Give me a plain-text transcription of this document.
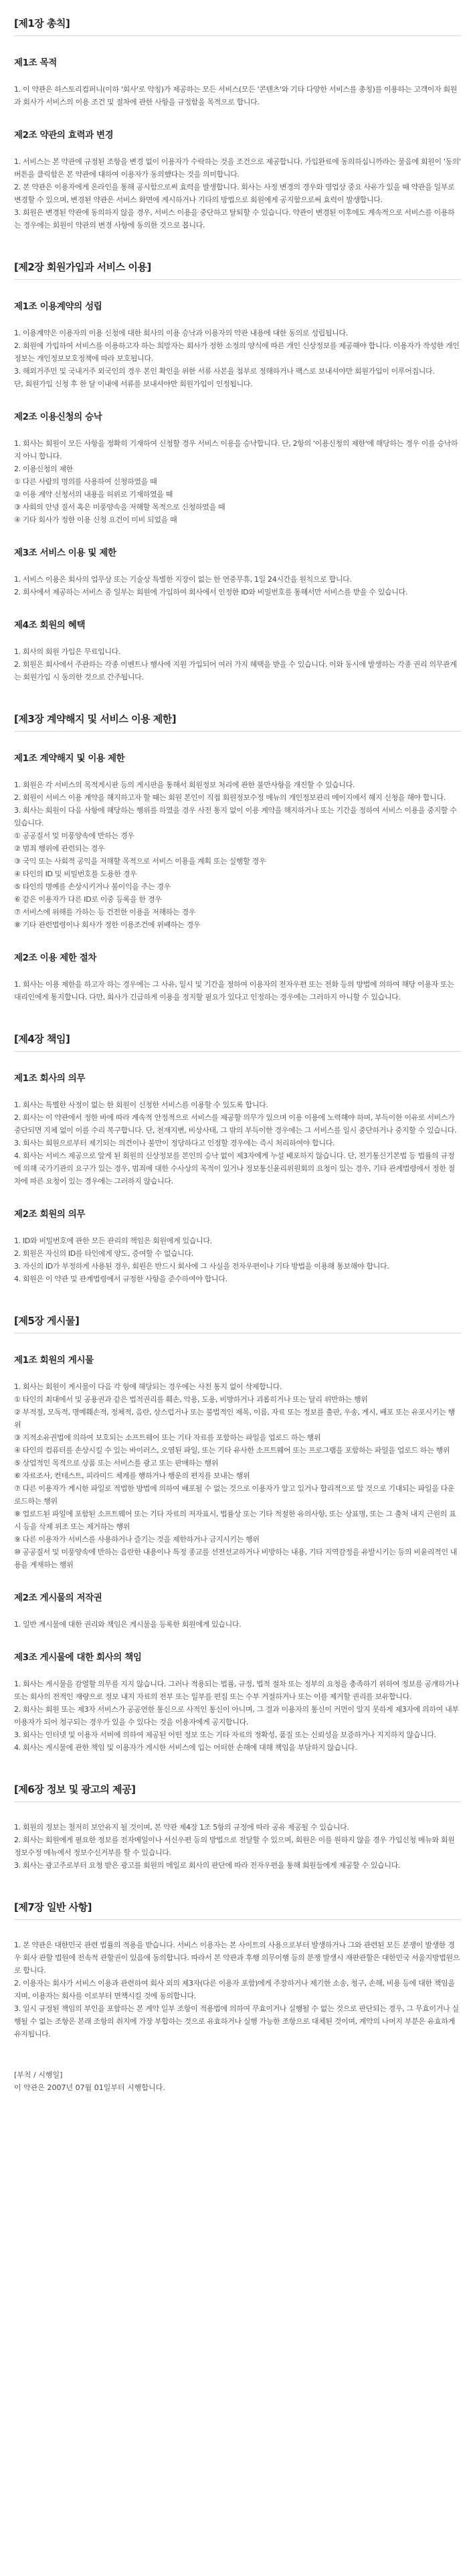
[제1장 총칙]
제1조 목적

1. 이 약관은 하스토리컴퍼니(이하 '회사'로 약칭)가 제공하는 모든 서비스(모든 '콘텐츠'와 기타 다양한 서비스를 총칭)를 이용하는 고객이자 회원과 회사가 서비스의 이용 조건 및 절차에 관한 사항을 규정함을 목적으로 합니다.

제2조 약관의 효력과 변경

1. 서비스는 본 약관에 규정된 조항을 변경 없이 이용자가 수락하는 것을 조건으로 제공합니다. 가입완료에 동의하십니까라는 물음에 회원이 '동의' 버튼을 클릭함은 본 약관에 대하여 이용자가 동의했다는 것을 의미합니다.

2. 본 약관은 이용자에게 온라인을 통해 공시함으로써 효력을 발생합니다. 회사는 사정 변경의 경우와 영업상 중요 사유가 있을 때 약관을 일부로 변경할 수 있으며, 변경된 약관은 서비스 화면에 게시하거나 기타의 방법으로 회원에게 공지함으로써 효력이 발생합니다.

3. 회원은 변경된 약관에 동의하지 않을 경우, 서비스 이용을 중단하고 탈퇴할 수 있습니다. 약관이 변경된 이후에도 계속적으로 서비스를 이용하는 경우에는 회원이 약관의 변경 사항에 동의한 것으로 봅니다.

[제2장 회원가입과 서비스 이용]
제1조 이용계약의 성립

1. 이용계약은 이용자의 이용 신청에 대한 회사의 이용 승낙과 이용자의 약관 내용에 대한 동의로 성립됩니다.

2. 회원에 가입하여 서비스를 이용하고자 하는 희망자는 회사가 정한 소정의 양식에 따른 개인 신상정보를 제공해야 합니다. 이용자가 작성한 개인정보는 개인정보보호정책에 따라 보호됩니다.

3. 해외거주민 및 국내거주 외국인의 경우 본인 확인을 위한 서류 사본을 첨부로 정해하거나 팩스로 보내셔야만 회원가입이 이루어집니다.

단, 회원가입 신청 후 한 달 이내에 서류를 보내셔야만 회원가입이 인정됩니다.

제2조 이용신청의 승낙

1. 회사는 회원이 모든 사항을 정확히 기재하여 신청할 경우 서비스 이용을 승낙합니다. 단, 2항의 '이용신청의 제한'에 해당하는 경우 이를 승낙하지 아니 합니다.

2. 이용신청의 제한

① 다른 사람의 명의를 사용하여 신청하였을 때

② 이용 계약 신청서의 내용을 허위로 기재하였을 때

③ 사회의 안녕 질서 혹은 미풍양속을 저해할 목적으로 신청하였을 때

④ 기타 회사가 정한 이용 신청 요건이 미비 되었을 때

제3조 서비스 이용 및 제한

1. 서비스 이용은 회사의 업무상 또는 기술상 특별한 지장이 없는 한 연중무휴, 1일 24시간을 원칙으로 합니다.

2. 회사에서 제공하는 서비스 중 일부는 회원에 가입하여 회사에서 인정한 ID와 비밀번호를 통해서만 서비스를 받을 수 있습니다.

제4조 회원의 혜택

1. 회사의 회원 가입은 무료입니다.

2. 회원은 회사에서 주관하는 각종 이벤트나 행사에 지원 가입되어 여러 가지 혜택을 받을 수 있습니다. 이와 동시에 발생하는 각종 권리 의무관계는 회원가입 시 동의한 것으로 간주됩니다.

[제3장 계약해지 및 서비스 이용 제한]
제1조 계약해지 및 이용 제한

1. 회원은 각 서비스의 목적게시판 등의 게시판을 통해서 회원정보 처리에 관한 불만사항을 개진할 수 있습니다.

2. 회원이 서비스 이용 계약을 해지하고자 할 때는 회원 본인이 직접 회원정보수정 메뉴의 개인정보관리 메이지에서 해지 신청을 해야 합니다.

3. 회사는 회원이 다음 사항에 해당하는 행위를 하였을 경우 사전 통지 없이 이용 계약을 해지하거나 또는 기간을 정하여 서비스 이용을 중지할 수 있습니다.

① 공공질서 및 미풍양속에 반하는 경우

② 범죄 행위에 관련되는 경우

③ 국익 또는 사회적 공익을 저해할 목적으로 서비스 이용을 계획 또는 실행할 경우

④ 타인의 ID 및 비밀번호를 도용한 경우

⑤ 타인의 명예를 손상시키거나 불이익을 주는 경우

⑥ 같은 이용자가 다른 ID로 이중 등록을 한 경우

⑦ 서비스에 위해를 가하는 등 건전한 이용을 저해하는 경우

⑧ 기타 관련법령이나 회사가 정한 이용조건에 위배하는 경우

제2조 이용 제한 절차

1. 회사는 이용 제한을 하고자 하는 경우에는 그 사유, 일시 및 기간을 정하여 이용자의 전자우편 또는 전화 등의 방법에 의하여 해당 이용자 또는 대리인에게 통지합니다. 다만, 회사가 긴급하게 이용을 정지할 필요가 있다고 인정하는 경우에는 그러하지 아니할 수 있습니다.

[제4장 책임]
제1조 회사의 의무

1. 회사는 특별한 사정이 없는 한 회원이 신청한 서비스를 이용할 수 있도록 합니다.

2. 회사는 이 약관에서 정한 바에 따라 계속적 안정적으로 서비스를 제공할 의무가 있으며 이용 이용에 노력해야 하며, 부득이한 이유로 서비스가 중단되면 지체 없이 이를 수리 복구합니다. 단, 천재지변, 비상사태, 그 밖의 부득이한 경우에는 그 서비스를 일시 중단하거나 중지할 수 있습니다.

3. 회사는 회원으로부터 제기되는 의견이나 불만이 정당하다고 인정할 경우에는 즉시 처리하여야 합니다.

4. 회사는 서비스 제공으로 알게 된 회원의 신상정보를 본인의 승낙 없이 제3자에게 누설 배포하지 않습니다. 단, 전기통신기본법 등 법률의 규정에 의해 국가기관의 요구가 있는 경우, 범죄에 대한 수사상의 목적이 있거나 정보통신윤리위원회의 요청이 있는 경우, 기타 관계법령에서 정한 절차에 따른 요청이 있는 경우에는 그러하지 않습니다.

제2조 회원의 의무

1. ID와 비밀번호에 관한 모든 관리의 책임은 회원에게 있습니다.

2. 회원은 자신의 ID를 타인에게 양도, 증여할 수 없습니다.

3. 자신의 ID가 부정하게 사용된 경우, 회원은 반드시 회사에 그 사실을 전자우편이나 기타 방법을 이용해 통보해야 합니다.

4. 회원은 이 약관 및 관계법령에서 규정한 사항을 준수하여야 합니다.

[제5장 게시물]
제1조 회원의 게시물

1. 회사는 회원이 게시물이 다음 각 항에 해당되는 경우에는 사전 통지 없이 삭제합니다.

① 타인의 최대에서 및 공용권과 같은 법적권리를 훼손, 악용, 도용, 비방하거나 괴롭히거나 또는 달리 위반하는 행위

② 부적절, 모독적, 명예훼손적, 정체적, 음란, 상스럽거나 또는 불법적인 제목, 이름, 자료 또는 정보를 출판, 우송, 게시, 배포 또는 유포시키는 행위

③ 지적소유권법에 의하여 보호되는 소프트웨어 또는 기타 자료를 포함하는 파일을 업로드 하는 행위

④ 타인의 컴퓨터를 손상시킬 수 있는 바이러스, 오염된 파일, 또는 기타 유사한 소프트웨어 또는 프로그램을 포함하는 파일을 업로드 하는 행위

⑤ 상업적인 목적으로 상품 또는 서비스를 광고 또는 판매하는 행위

⑥ 자료조사, 컨테스트, 피라미드 체계를 행하거나 행운의 편지를 보내는 행위

⑦ 다른 이용자가 게시한 파일로 적법한 방법에 의하여 배포될 수 없는 것으로 이용자가 알고 있거나 합리적으로 알 것으로 기대되는 파일을 다운로드하는 행위

⑧ 업로드된 파일에 포함된 소프트웨어 또는 기타 자료의 저자표시, 법률상 또는 기타 적절한 유의사항, 또는 상표명, 또는 그 출처 내지 근원의 표시 등을 삭제 위조 또는 제거하는 행위

⑨ 다른 이용자가 서비스를 사용하거나 즐기는 것을 제한하거나 금지시키는 행위

⑩ 공공질서 및 미풍양속에 반하는 음란한 내용이나 특정 종교를 선전선교하거나 비방하는 내용, 기타 지역감정을 유발시키는 등의 비윤리적인 내용을 게재하는 행위

제2조 게시물의 저작권

1. 일반 게시물에 대한 권리와 책임은 게시물을 등록한 회원에게 있습니다.

제3조 게시물에 대한 회사의 책임

1. 회사는 게시물을 감열할 의무를 지지 않습니다. 그러나 적용되는 법률, 규정, 법적 절차 또는 정부의 요청을 충족하기 위하여 정보를 공개하거나 또는 회사의 전적인 재량으로 정보 내지 자료의 전부 또는 일부를 편집 또는 수부 거절하거나 또는 이를 제거할 권리를 보유합니다.

2. 회사는 회원 또는 제3자 서비스가 공공연한 통신으로 사적인 통신이 아니며, 그 결과 이용자의 통신이 커먼이 알지 못하게 제3자에 의하여 내부 이용자가 되어 청구되는 경우가 있을 수 있다는 것을 이용자에게 공지합니다.

3. 회사는 인터넷 및 이용자 서버에 의하여 제공된 어떤 정보 또는 기타 자료의 정확성, 품질 또는 신뢰성을 보증하거나 지지하지 않습니다.

4. 회사는 게시물에 관한 책임 및 이용자가 게시한 서비스에 입는 어떠한 손해에 대해 책임을 부담하지 않습니다.

[제6장 정보 및 광고의 제공]

1. 회원의 정보는 철저히 보안유지 될 것이며, 본 약관 제4장 1조 5항의 규정에 따라 공유 제공될 수 있습니다.

2. 회사는 회원에게 필요한 정보를 전자메일이나 서신우편 등의 방법으로 전달할 수 있으며, 회원은 이를 원하지 않을 경우 가입신청 메뉴와 회원정보수정 메뉴에서 정보수신거부를 할 수 있습니다.

3. 회사는 광고주로부터 요청 받은 광고를 회원의 메일로 회사의 판단에 따라 전자우편을 통해 회원들에게 제공할 수 있습니다.

[제7장 일반 사항]

1. 본 약관은 대한민국 관련 법률의 적용을 받습니다. 서비스 이용자는 본 사이트의 사용으로부터 발생하거나 그와 관련된 모든 분쟁이 발생한 경우 회사 관할 법원에 전속적 관할권이 있음에 동의합니다. 따라서 본 약관과 후행 의무이행 등의 분쟁 발생시 재판관할은 대한민국 서울지방법원으로 합니다.

2. 이용자는 회사가 서비스 이용과 관련하여 회사 외의 제3자(다른 이용자 포함)에게 주장하거나 제기한 소송, 청구, 손해, 비용 등에 대한 책임을 지며, 이용자는 회사를 이로부터 면책시킬 것에 동의합니다.

3. 일시 규정된 책임의 부인을 포함하는 본 계약 일부 조항이 적용법에 의하여 무효이거나 실행될 수 없는 것으로 판단되는 경우, 그 무효이거나 실행될 수 없는 조항은 본래 조항의 취지에 가장 부합하는 것으로 유효하거나 실행 가능한 조항으로 대체된 것이며, 계약의 나머지 부분은 유효하게 유지됩니다.

[부칙 / 시행일]

이 약관은 2007년 07월 01일부터 시행합니다.
